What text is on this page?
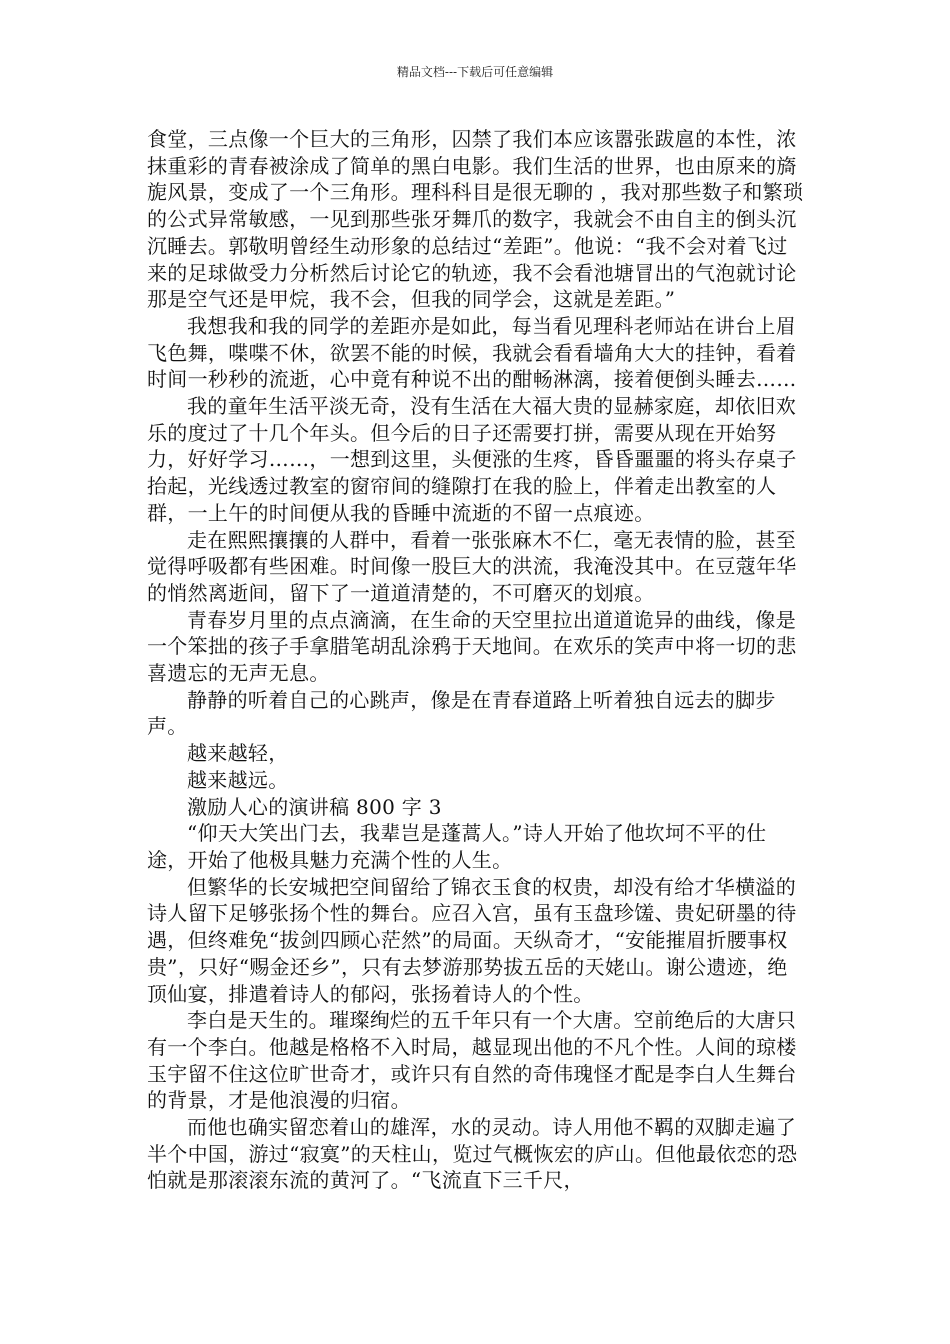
精品文档---下载后可任意编辑

食堂，三点像一个巨大的三角形，囚禁了我们本应该嚣张跋扈的本性，浓抹重彩的青春被涂成了简单的黑白电影。我们生活的世界，也由原来的旖旎风景，变成了一个三角形。理科科目是很无聊的 ，我对那些数子和繁琐的公式异常敏感，一见到那些张牙舞爪的数字，我就会不由自主的倒头沉沉睡去。郭敬明曾经生动形象的总结过“差距”。他说：“我不会对着飞过来的足球做受力分析然后讨论它的轨迹，我不会看池塘冒出的气泡就讨论那是空气还是甲烷，我不会，但我的同学会，这就是差距。”

我想我和我的同学的差距亦是如此，每当看见理科老师站在讲台上眉飞色舞，喋喋不休，欲罢不能的时候，我就会看看墙角大大的挂钟，看着时间一秒秒的流逝，心中竟有种说不出的酣畅淋漓，接着便倒头睡去……

我的童年生活平淡无奇，没有生活在大福大贵的显赫家庭，却依旧欢乐的度过了十几个年头。但今后的日子还需要打拼，需要从现在开始努力，好好学习……，一想到这里，头便涨的生疼，昏昏噩噩的将头存桌子抬起，光线透过教室的窗帘间的缝隙打在我的脸上，伴着走出教室的人群，一上午的时间便从我的昏睡中流逝的不留一点痕迹。

走在熙熙攘攘的人群中，看着一张张麻木不仁，毫无表情的脸，甚至觉得呼吸都有些困难。时间像一股巨大的洪流，我淹没其中。在豆蔻年华的悄然离逝间，留下了一道道清楚的，不可磨灭的划痕。

青春岁月里的点点滴滴，在生命的天空里拉出道道诡异的曲线，像是一个笨拙的孩子手拿腊笔胡乱涂鸦于天地间。在欢乐的笑声中将一切的悲喜遗忘的无声无息。

静静的听着自己的心跳声，像是在青春道路上听着独自远去的脚步声。

越来越轻，

越来越远。

激励人心的演讲稿 800 字 3

“仰天大笑出门去，我辈岂是蓬蒿人。”诗人开始了他坎坷不平的仕途，开始了他极具魅力充满个性的人生。

但繁华的长安城把空间留给了锦衣玉食的权贵，却没有给才华横溢的诗人留下足够张扬个性的舞台。应召入宫，虽有玉盘珍馐、贵妃研墨的待遇，但终难免“拔剑四顾心茫然”的局面。天纵奇才，“安能摧眉折腰事权贵”，只好“赐金还乡”，只有去梦游那势拔五岳的天姥山。谢公遗迹，绝顶仙宴，排遣着诗人的郁闷，张扬着诗人的个性。

李白是天生的。璀璨绚烂的五千年只有一个大唐。空前绝后的大唐只有一个李白。他越是格格不入时局，越显现出他的不凡个性。人间的琼楼玉宇留不住这位旷世奇才，或许只有自然的奇伟瑰怪才配是李白人生舞台的背景，才是他浪漫的归宿。

而他也确实留恋着山的雄浑，水的灵动。诗人用他不羁的双脚走遍了半个中国，游过“寂寞”的天柱山，览过气概恢宏的庐山。但他最依恋的恐怕就是那滚滚东流的黄河了。“飞流直下三千尺，
